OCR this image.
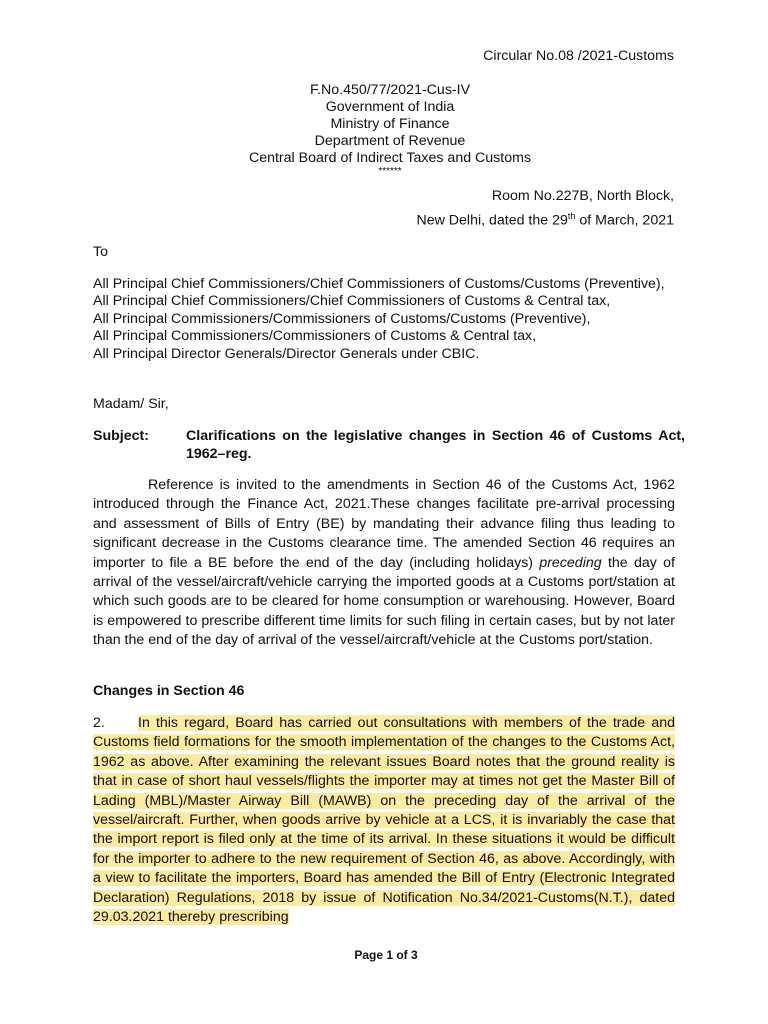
Circular No.08 /2021-Customs
F.No.450/77/2021-Cus-IV
Government of India
Ministry of Finance
Department of Revenue
Central Board of Indirect Taxes and Customs
******
Room No.227B, North Block,
New Delhi, dated the 29th of March, 2021
To
All Principal Chief Commissioners/Chief Commissioners of Customs/Customs (Preventive),
All Principal Chief Commissioners/Chief Commissioners of Customs & Central tax,
All Principal Commissioners/Commissioners of Customs/Customs (Preventive),
All Principal Commissioners/Commissioners of Customs & Central tax,
All Principal Director Generals/Director Generals under CBIC.
Madam/ Sir,
Subject:	Clarifications on the legislative changes in Section 46 of Customs Act, 1962–reg.
Reference is invited to the amendments in Section 46 of the Customs Act, 1962 introduced through the Finance Act, 2021.These changes facilitate pre-arrival processing and assessment of Bills of Entry (BE) by mandating their advance filing thus leading to significant decrease in the Customs clearance time. The amended Section 46 requires an importer to file a BE before the end of the day (including holidays) preceding the day of arrival of the vessel/aircraft/vehicle carrying the imported goods at a Customs port/station at which such goods are to be cleared for home consumption or warehousing. However, Board is empowered to prescribe different time limits for such filing in certain cases, but by not later than the end of the day of arrival of the vessel/aircraft/vehicle at the Customs port/station.
Changes in Section 46
2. In this regard, Board has carried out consultations with members of the trade and Customs field formations for the smooth implementation of the changes to the Customs Act, 1962 as above. After examining the relevant issues Board notes that the ground reality is that in case of short haul vessels/flights the importer may at times not get the Master Bill of Lading (MBL)/Master Airway Bill (MAWB) on the preceding day of the arrival of the vessel/aircraft. Further, when goods arrive by vehicle at a LCS, it is invariably the case that the import report is filed only at the time of its arrival. In these situations it would be difficult for the importer to adhere to the new requirement of Section 46, as above. Accordingly, with a view to facilitate the importers, Board has amended the Bill of Entry (Electronic Integrated Declaration) Regulations, 2018 by issue of Notification No.34/2021-Customs(N.T.), dated 29.03.2021 thereby prescribing
Page 1 of 3
